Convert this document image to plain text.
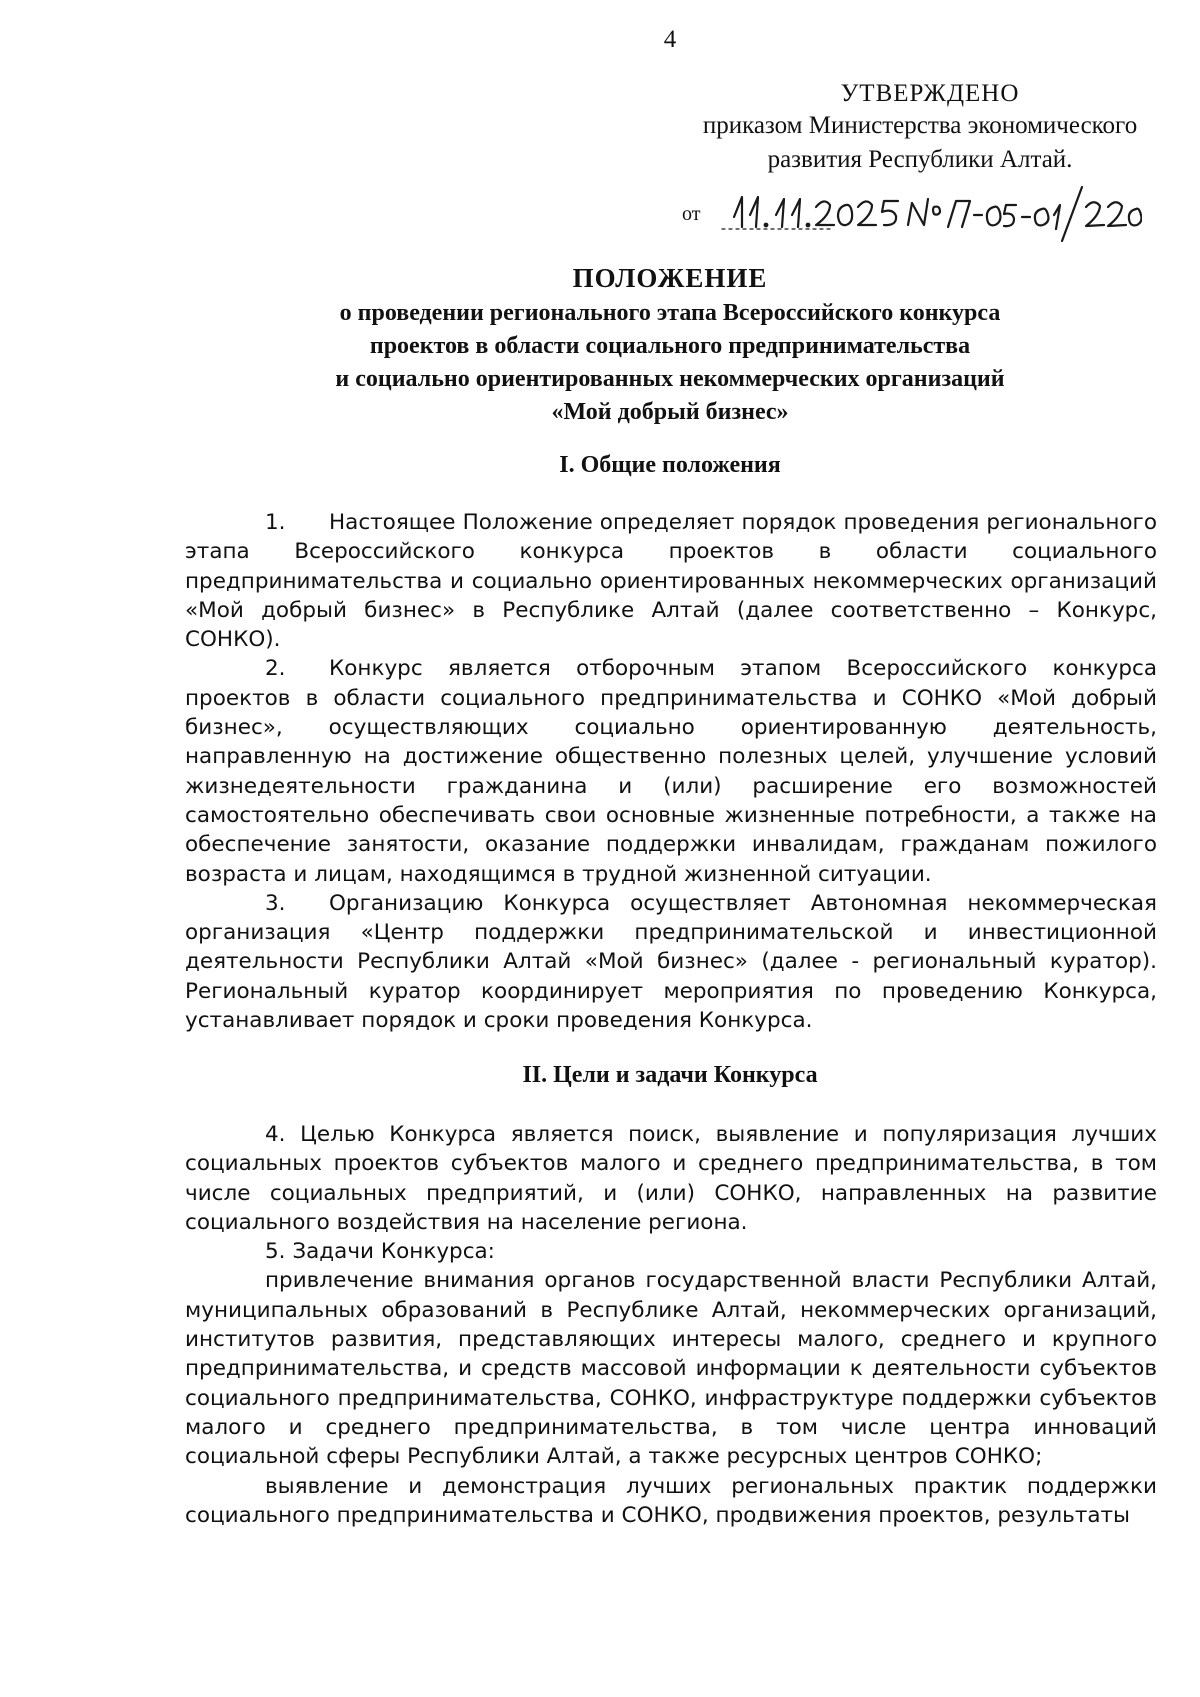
4
УТВЕРЖДЕНО
приказом Министерства экономического
развития Республики Алтай.
от
ПОЛОЖЕНИЕ
о проведении регионального этапа Всероссийского конкурса
проектов в области социального предпринимательства
и социально ориентированных некоммерческих организаций
«Мой добрый бизнес»
I. Общие положения

1. Настоящее Положение определяет порядок проведения регионального этапа Всероссийского конкурса проектов в области социального предпринимательства и социально ориентированных некоммерческих организаций «Мой добрый бизнес» в Республике Алтай (далее соответственно – Конкурс, СОНКО).

2. Конкурс является отборочным этапом Всероссийского конкурса проектов в области социального предпринимательства и СОНКО «Мой добрый бизнес», осуществляющих социально ориентированную деятельность, направленную на достижение общественно полезных целей, улучшение условий жизнедеятельности гражданина и (или) расширение его возможностей самостоятельно обеспечивать свои основные жизненные потребности, а также на обеспечение занятости, оказание поддержки инвалидам, гражданам пожилого возраста и лицам, находящимся в трудной жизненной ситуации.

3. Организацию Конкурса осуществляет Автономная некоммерческая организация «Центр поддержки предпринимательской и инвестиционной деятельности Республики Алтай «Мой бизнес» (далее - региональный куратор). Региональный куратор координирует мероприятия по проведению Конкурса, устанавливает порядок и сроки проведения Конкурса.

II. Цели и задачи Конкурса

4. Целью Конкурса является поиск, выявление и популяризация лучших социальных проектов субъектов малого и среднего предпринимательства, в том числе социальных предприятий, и (или) СОНКО, направленных на развитие социального воздействия на население региона.

5. Задачи Конкурса:

привлечение внимания органов государственной власти Республики Алтай, муниципальных образований в Республике Алтай, некоммерческих организаций, институтов развития, представляющих интересы малого, среднего и крупного предпринимательства, и средств массовой информации к деятельности субъектов социального предпринимательства, СОНКО, инфраструктуре поддержки субъектов малого и среднего предпринимательства, в том числе центра инноваций социальной сферы Республики Алтай, а также ресурсных центров СОНКО;

выявление и демонстрация лучших региональных практик поддержки социального предпринимательства и СОНКО, продвижения проектов, результаты
